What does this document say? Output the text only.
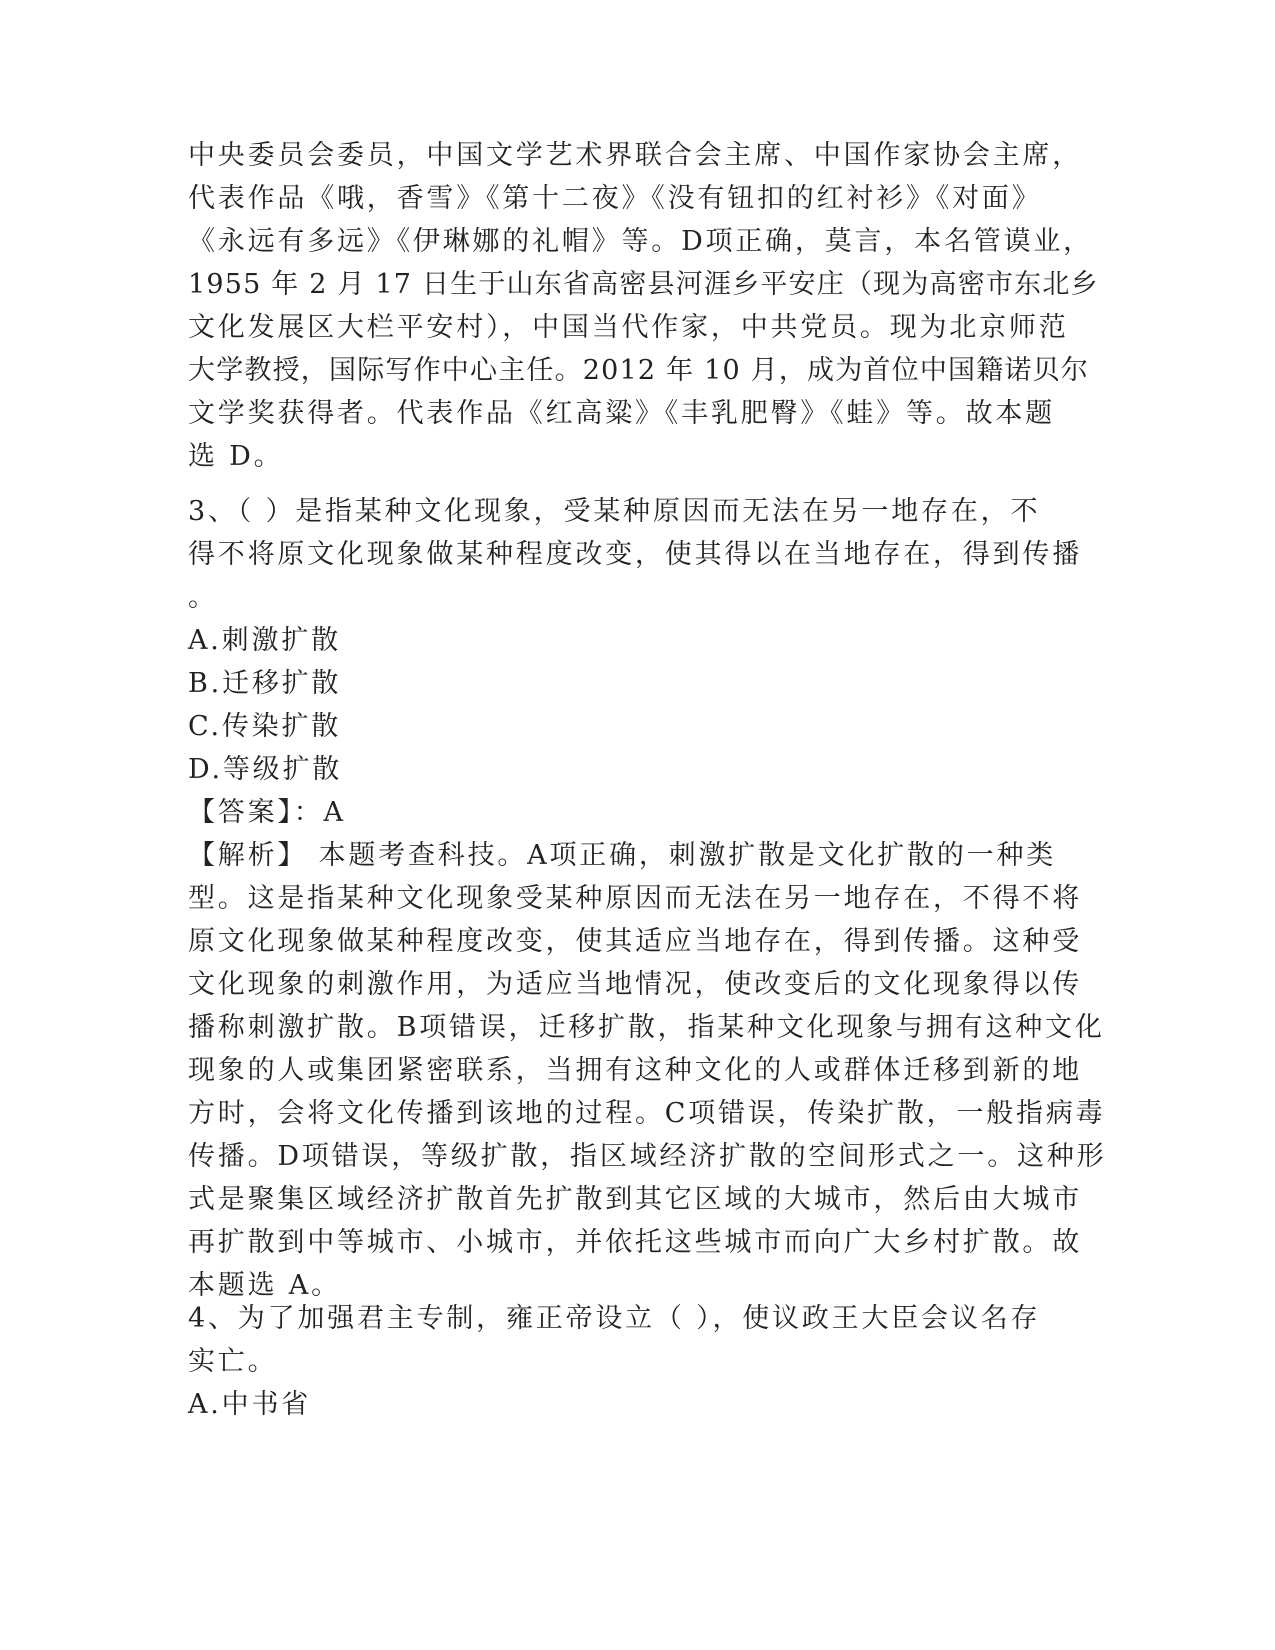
中央委员会委员，中国文学艺术界联合会主席、中国作家协会主席，
代表作品《哦，香雪》《第十二夜》《没有钮扣的红衬衫》《对面》
《永远有多远》《伊琳娜的礼帽》等。D项正确，莫言，本名管谟业，
1955 年 2 月 17 日生于山东省高密县河涯乡平安庄（现为高密市东北乡
文化发展区大栏平安村），中国当代作家，中共党员。现为北京师范
大学教授，国际写作中心主任。2012 年 10 月，成为首位中国籍诺贝尔
文学奖获得者。代表作品《红高粱》《丰乳肥臀》《蛙》等。故本题
选 D。
3、（ ）是指某种文化现象，受某种原因而无法在另一地存在，不
得不将原文化现象做某种程度改变，使其得以在当地存在，得到传播
。
A.刺激扩散
B.迁移扩散
C.传染扩散
D.等级扩散
【答案】：A
【解析】 本题考查科技。A项正确，刺激扩散是文化扩散的一种类
型。这是指某种文化现象受某种原因而无法在另一地存在，不得不将
原文化现象做某种程度改变，使其适应当地存在，得到传播。这种受
文化现象的刺激作用，为适应当地情况，使改变后的文化现象得以传
播称刺激扩散。B项错误，迁移扩散，指某种文化现象与拥有这种文化
现象的人或集团紧密联系，当拥有这种文化的人或群体迁移到新的地
方时，会将文化传播到该地的过程。C项错误，传染扩散，一般指病毒
传播。D项错误，等级扩散，指区域经济扩散的空间形式之一。这种形
式是聚集区域经济扩散首先扩散到其它区域的大城市，然后由大城市
再扩散到中等城市、小城市，并依托这些城市而向广大乡村扩散。故
本题选 A。
4、为了加强君主专制，雍正帝设立（ ），使议政王大臣会议名存
实亡。
A.中书省
